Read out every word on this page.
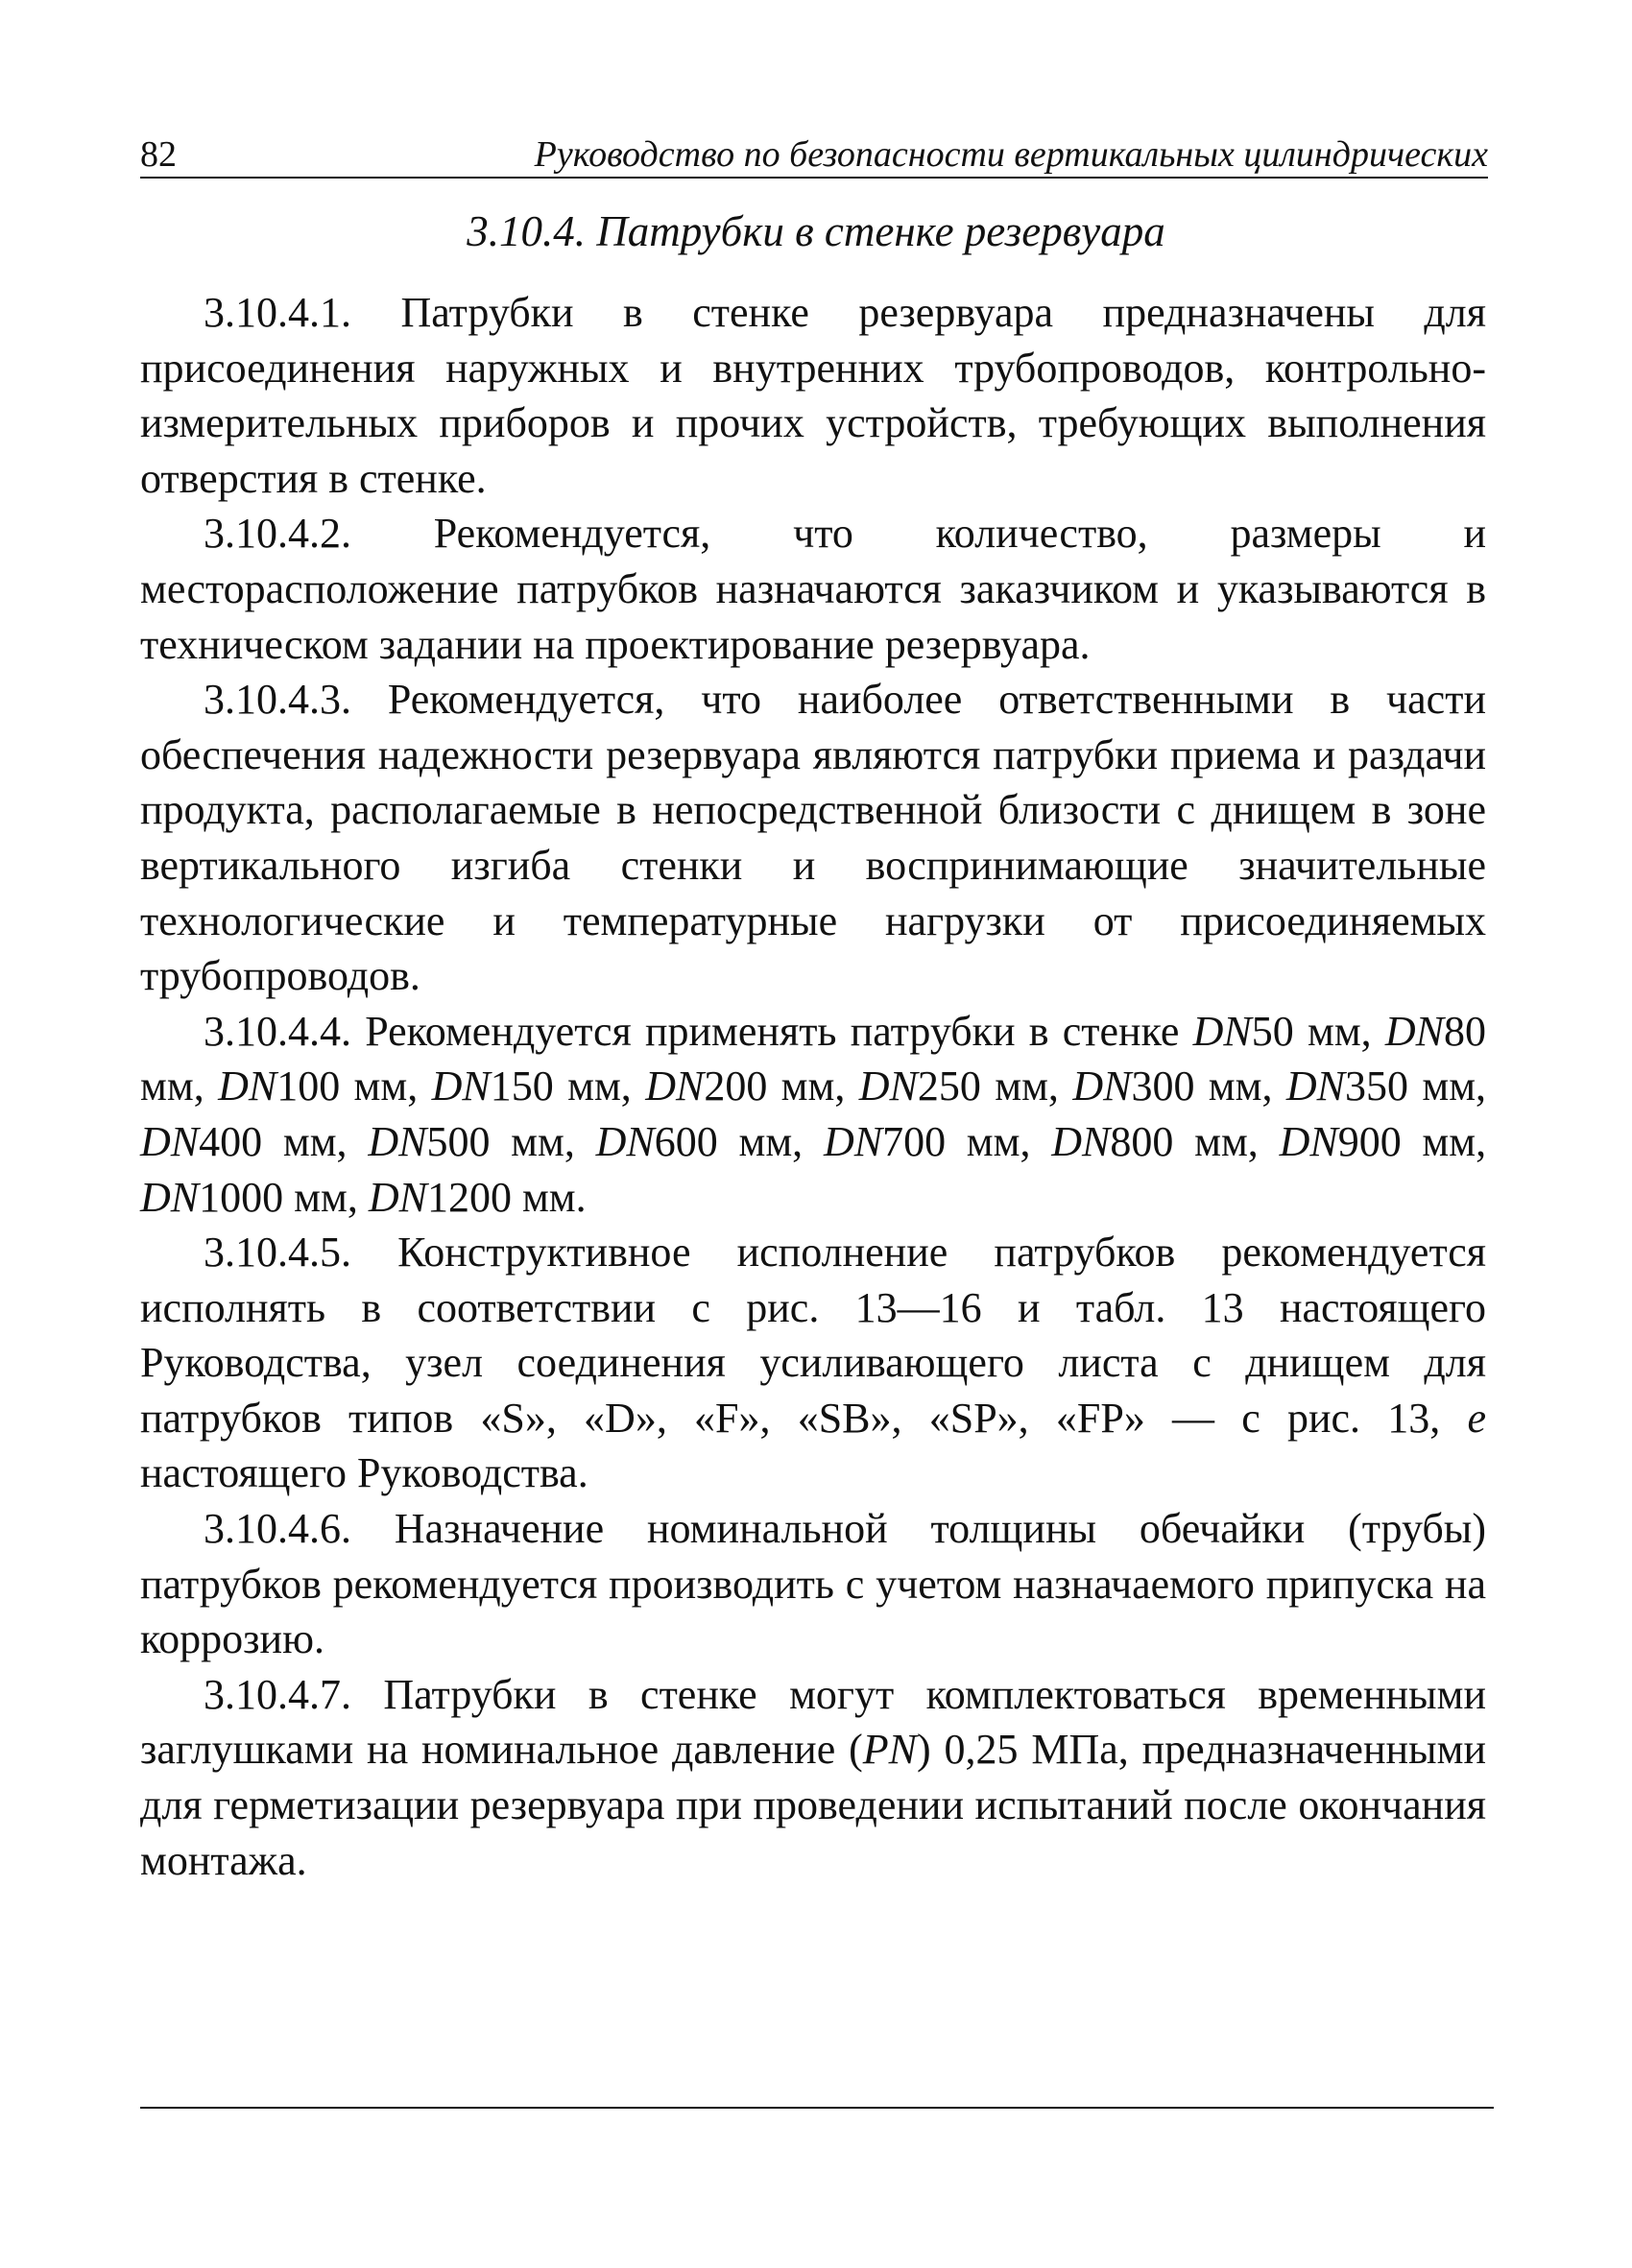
82	Руководство по безопасности вертикальных цилиндрических
3.10.4. Патрубки в стенке резервуара

3.10.4.1. Патрубки в стенке резервуара предназначены для присоединения наружных и внутренних трубопроводов, контрольно-измерительных приборов и прочих устройств, требующих выполнения отверстия в стенке.

3.10.4.2. Рекомендуется, что количество, размеры и месторасположение патрубков назначаются заказчиком и указываются в техническом задании на проектирование резервуара.

3.10.4.3. Рекомендуется, что наиболее ответственными в части обеспечения надежности резервуара являются патрубки приема и раздачи продукта, располагаемые в непосредственной близости с днищем в зоне вертикального изгиба стенки и воспринимающие значительные технологические и температурные нагрузки от присоединяемых трубопроводов.

3.10.4.4. Рекомендуется применять патрубки в стенке DN50 мм, DN80 мм, DN100 мм, DN150 мм, DN200 мм, DN250 мм, DN300 мм, DN350 мм, DN400 мм, DN500 мм, DN600 мм, DN700 мм, DN800 мм, DN900 мм, DN1000 мм, DN1200 мм.

3.10.4.5. Конструктивное исполнение патрубков рекомендуется исполнять в соответствии с рис. 13—16 и табл. 13 настоящего Руководства, узел соединения усиливающего листа с днищем для патрубков типов «S», «D», «F», «SB», «SP», «FP» — с рис. 13, е настоящего Руководства.

3.10.4.6. Назначение номинальной толщины обечайки (трубы) патрубков рекомендуется производить с учетом назначаемого припуска на коррозию.

3.10.4.7. Патрубки в стенке могут комплектоваться временными заглушками на номинальное давление (PN) 0,25 МПа, предназначенными для герметизации резервуара при проведении испытаний после окончания монтажа.
